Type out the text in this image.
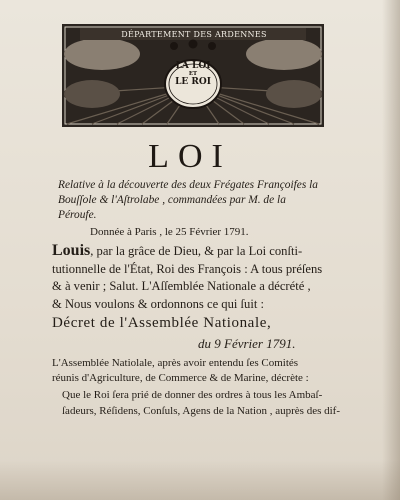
DÉPARTEMENT DES ARDENNES
LA LOI
ET
LE ROI
LOI
Relative à la découverte des deux Frégates Françoifes la
Bouſſole & l'Aſtrolabe , commandées par M. de la
Péroufe.
Donnée à Paris , le 25 Février 1791.
Louis, par la grâce de Dieu, & par la Loi conſti-
tutionnelle de l'État, Roi des François : A tous préſens
& à venir ; Salut. L'Aſſemblée Nationale a décrété ,
& Nous voulons & ordonnons ce qui ſuit :
Décret de l'Assemblée Nationale,
du 9 Février 1791.
L'Assemblée Natiolale, après avoir entendu ſes Comités
réunis d'Agriculture, de Commerce & de Marine, décrète :
Que le Roi ſera prié de donner des ordres à tous les Ambaſ-
ſadeurs, Réſidens, Conſuls, Agens de la Nation , auprès des dif-
